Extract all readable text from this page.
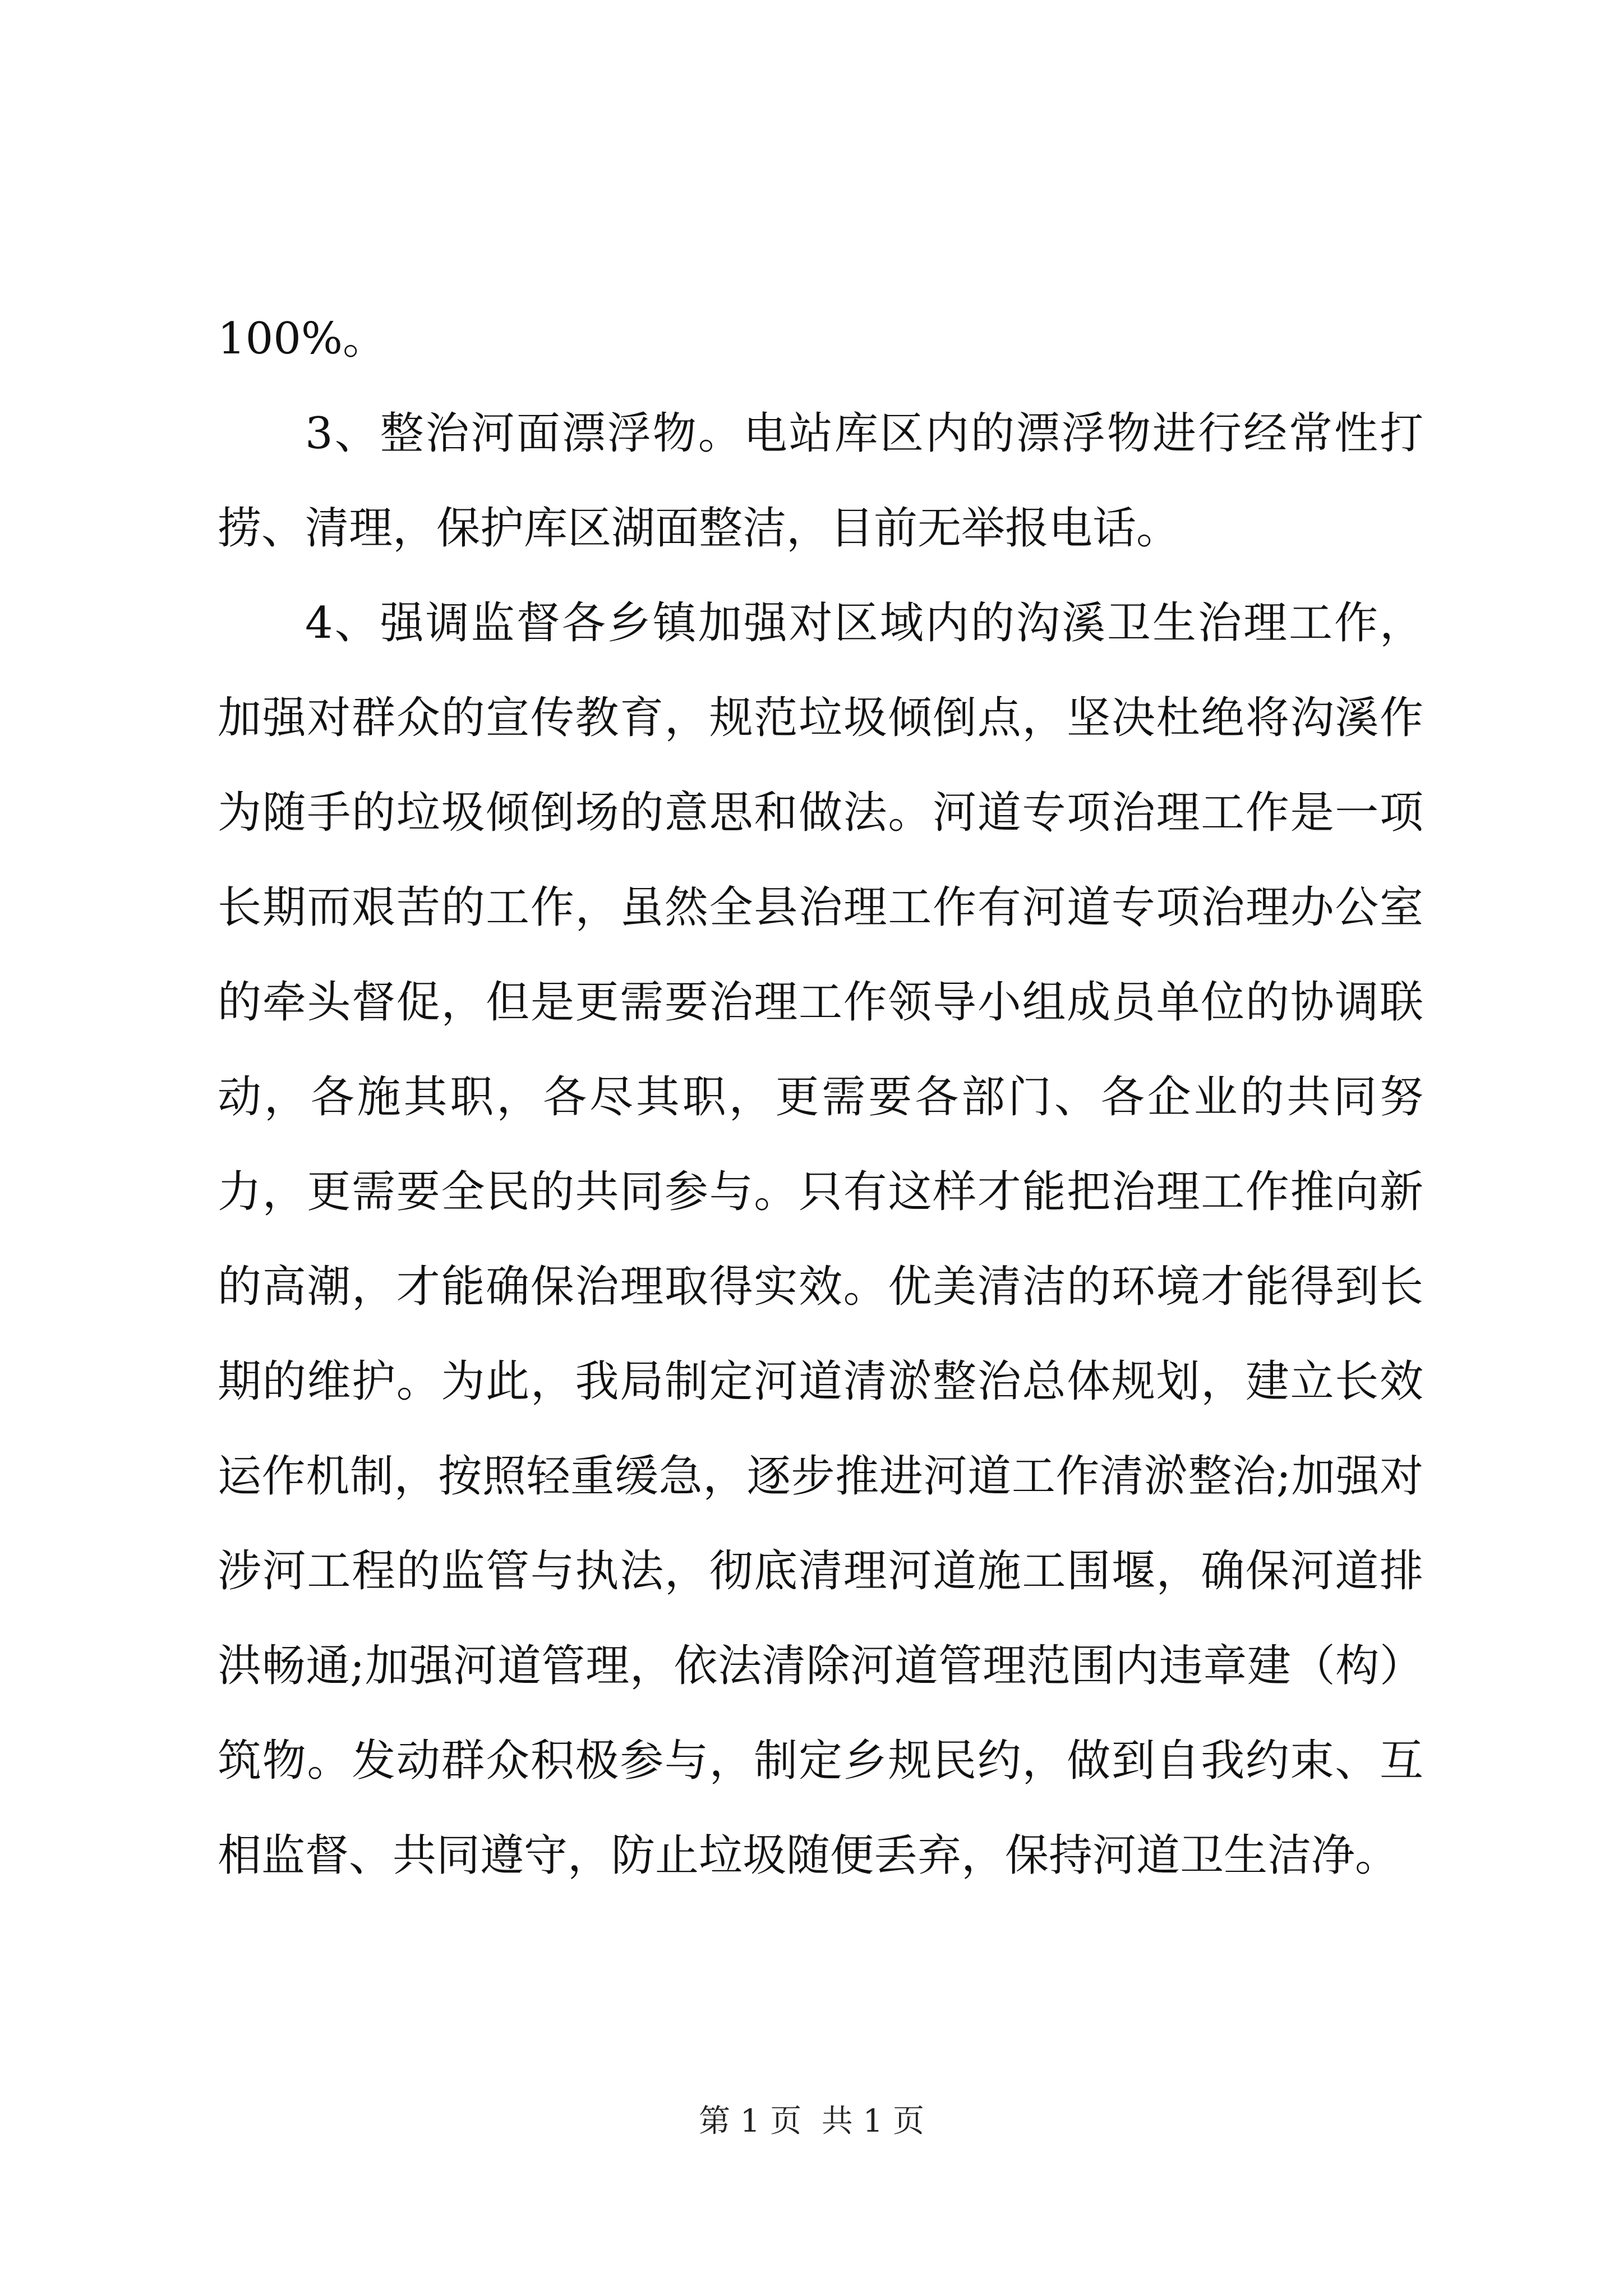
100%。

3、整治河面漂浮物。电站库区内的漂浮物进行经常性打捞、清理，保护库区湖面整洁，目前无举报电话。

4、强调监督各乡镇加强对区域内的沟溪卫生治理工作，加强对群众的宣传教育，规范垃圾倾倒点，坚决杜绝将沟溪作为随手的垃圾倾倒场的意思和做法。河道专项治理工作是一项长期而艰苦的工作，虽然全县治理工作有河道专项治理办公室的牵头督促，但是更需要治理工作领导小组成员单位的协调联动，各施其职，各尽其职，更需要各部门、各企业的共同努力，更需要全民的共同参与。只有这样才能把治理工作推向新的高潮，才能确保治理取得实效。优美清洁的环境才能得到长期的维护。为此，我局制定河道清淤整治总体规划，建立长效运作机制，按照轻重缓急，逐步推进河道工作清淤整治;加强对涉河工程的监管与执法，彻底清理河道施工围堰，确保河道排洪畅通;加强河道管理，依法清除河道管理范围内违章建（构）筑物。发动群众积极参与，制定乡规民约，做到自我约束、互相监督、共同遵守，防止垃圾随便丢弃，保持河道卫生洁净。

第 1 页  共 1 页
